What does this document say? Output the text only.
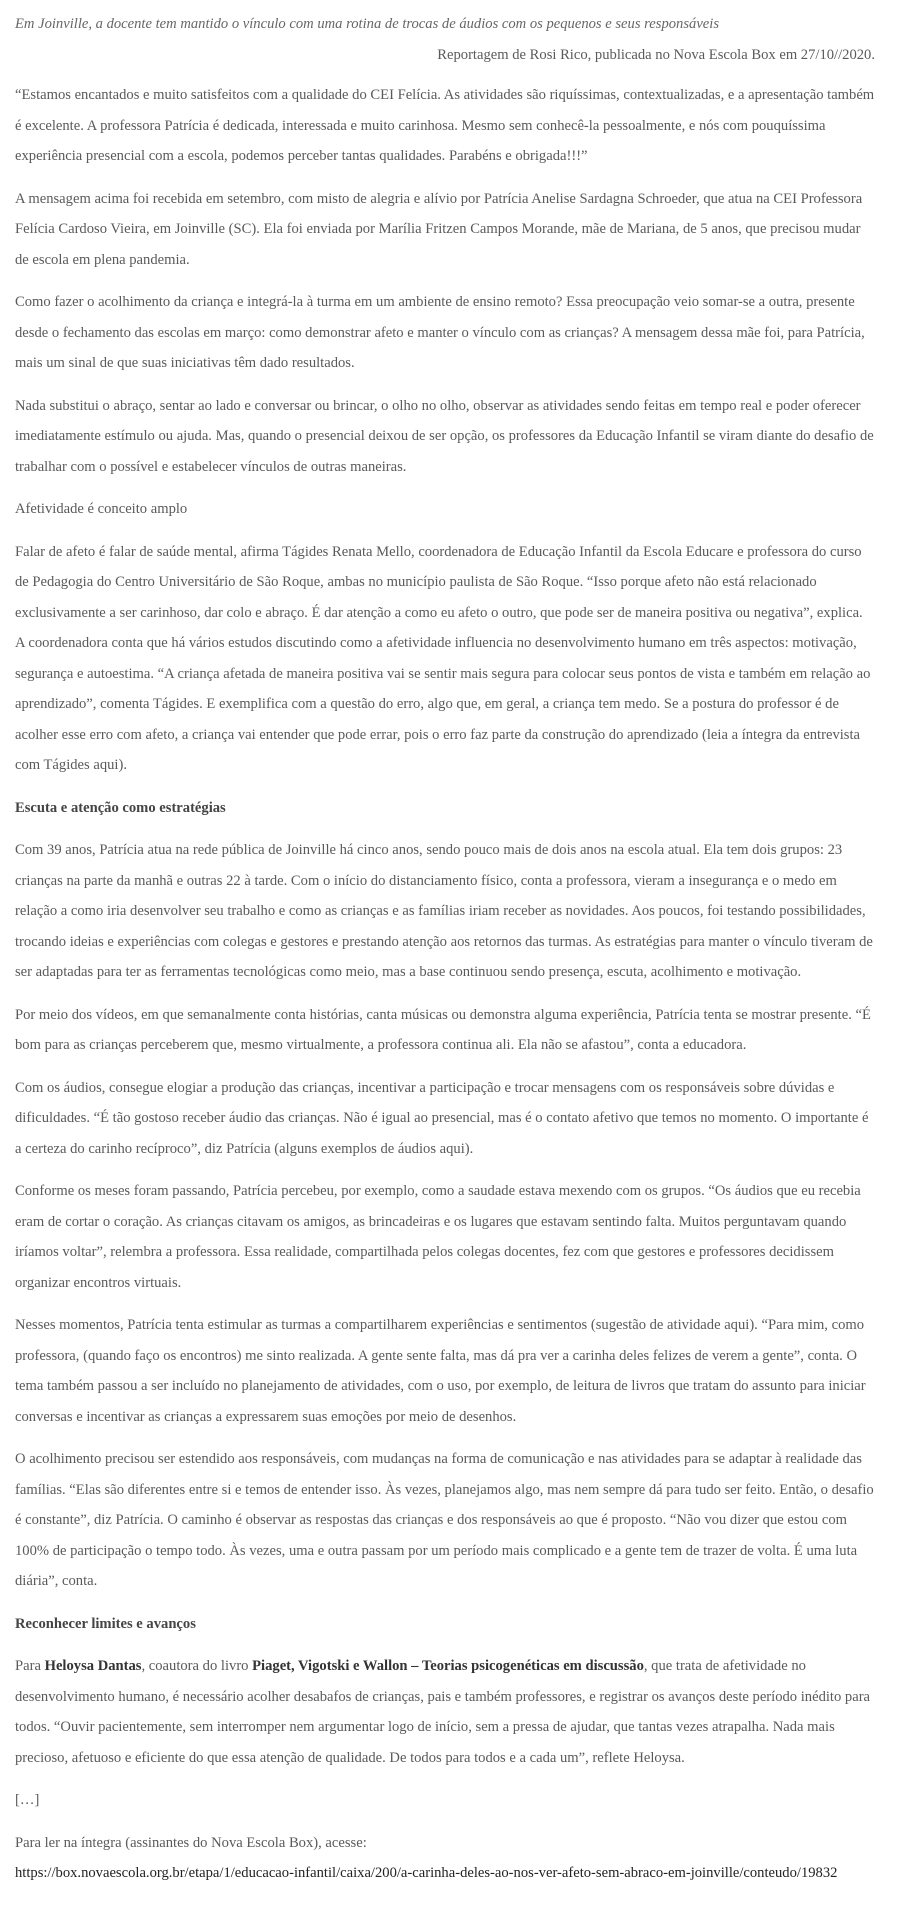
Em Joinville, a docente tem mantido o vínculo com uma rotina de trocas de áudios com os pequenos e seus responsáveis

Reportagem de Rosi Rico, publicada no Nova Escola Box em 27/10//2020.

“Estamos encantados e muito satisfeitos com a qualidade do CEI Felícia. As atividades são riquíssimas, contextualizadas, e a apresentação também é excelente. A professora Patrícia é dedicada, interessada e muito carinhosa. Mesmo sem conhecê-la pessoalmente, e nós com pouquíssima experiência presencial com a escola, podemos perceber tantas qualidades. Parabéns e obrigada!!!”

A mensagem acima foi recebida em setembro, com misto de alegria e alívio por Patrícia Anelise Sardagna Schroeder, que atua na CEI Professora Felícia Cardoso Vieira, em Joinville (SC). Ela foi enviada por Marília Fritzen Campos Morande, mãe de Mariana, de 5 anos, que precisou mudar de escola em plena pandemia.

Como fazer o acolhimento da criança e integrá-la à turma em um ambiente de ensino remoto? Essa preocupação veio somar-se a outra, presente desde o fechamento das escolas em março: como demonstrar afeto e manter o vínculo com as crianças? A mensagem dessa mãe foi, para Patrícia, mais um sinal de que suas iniciativas têm dado resultados.

Nada substitui o abraço, sentar ao lado e conversar ou brincar, o olho no olho, observar as atividades sendo feitas em tempo real e poder oferecer imediatamente estímulo ou ajuda. Mas, quando o presencial deixou de ser opção, os professores da Educação Infantil se viram diante do desafio de trabalhar com o possível e estabelecer vínculos de outras maneiras.

Afetividade é conceito amplo

Falar de afeto é falar de saúde mental, afirma Tágides Renata Mello, coordenadora de Educação Infantil da Escola Educare e professora do curso de Pedagogia do Centro Universitário de São Roque, ambas no município paulista de São Roque. “Isso porque afeto não está relacionado exclusivamente a ser carinhoso, dar colo e abraço. É dar atenção a como eu afeto o outro, que pode ser de maneira positiva ou negativa”, explica. A coordenadora conta que há vários estudos discutindo como a afetividade influencia no desenvolvimento humano em três aspectos: motivação, segurança e autoestima. “A criança afetada de maneira positiva vai se sentir mais segura para colocar seus pontos de vista e também em relação ao aprendizado”, comenta Tágides. E exemplifica com a questão do erro, algo que, em geral, a criança tem medo. Se a postura do professor é de acolher esse erro com afeto, a criança vai entender que pode errar, pois o erro faz parte da construção do aprendizado (leia a íntegra da entrevista com Tágides aqui).

Escuta e atenção como estratégias

Com 39 anos, Patrícia atua na rede pública de Joinville há cinco anos, sendo pouco mais de dois anos na escola atual. Ela tem dois grupos: 23 crianças na parte da manhã e outras 22 à tarde. Com o início do distanciamento físico, conta a professora, vieram a insegurança e o medo em relação a como iria desenvolver seu trabalho e como as crianças e as famílias iriam receber as novidades. Aos poucos, foi testando possibilidades, trocando ideias e experiências com colegas e gestores e prestando atenção aos retornos das turmas. As estratégias para manter o vínculo tiveram de ser adaptadas para ter as ferramentas tecnológicas como meio, mas a base continuou sendo presença, escuta, acolhimento e motivação.

Por meio dos vídeos, em que semanalmente conta histórias, canta músicas ou demonstra alguma experiência, Patrícia tenta se mostrar presente. “É bom para as crianças perceberem que, mesmo virtualmente, a professora continua ali. Ela não se afastou”, conta a educadora.

Com os áudios, consegue elogiar a produção das crianças, incentivar a participação e trocar mensagens com os responsáveis sobre dúvidas e dificuldades. “É tão gostoso receber áudio das crianças. Não é igual ao presencial, mas é o contato afetivo que temos no momento. O importante é a certeza do carinho recíproco”, diz Patrícia (alguns exemplos de áudios aqui).

Conforme os meses foram passando, Patrícia percebeu, por exemplo, como a saudade estava mexendo com os grupos. “Os áudios que eu recebia eram de cortar o coração. As crianças citavam os amigos, as brincadeiras e os lugares que estavam sentindo falta. Muitos perguntavam quando iríamos voltar”, relembra a professora. Essa realidade, compartilhada pelos colegas docentes, fez com que gestores e professores decidissem organizar encontros virtuais.

Nesses momentos, Patrícia tenta estimular as turmas a compartilharem experiências e sentimentos (sugestão de atividade aqui). “Para mim, como professora, (quando faço os encontros) me sinto realizada. A gente sente falta, mas dá pra ver a carinha deles felizes de verem a gente”, conta. O tema também passou a ser incluído no planejamento de atividades, com o uso, por exemplo, de leitura de livros que tratam do assunto para iniciar conversas e incentivar as crianças a expressarem suas emoções por meio de desenhos.

O acolhimento precisou ser estendido aos responsáveis, com mudanças na forma de comunicação e nas atividades para se adaptar à realidade das famílias. “Elas são diferentes entre si e temos de entender isso. Às vezes, planejamos algo, mas nem sempre dá para tudo ser feito. Então, o desafio é constante”, diz Patrícia. O caminho é observar as respostas das crianças e dos responsáveis ao que é proposto. “Não vou dizer que estou com 100% de participação o tempo todo. Às vezes, uma e outra passam por um período mais complicado e a gente tem de trazer de volta. É uma luta diária”, conta.

Reconhecer limites e avanços

Para Heloysa Dantas, coautora do livro Piaget, Vigotski e Wallon – Teorias psicogenéticas em discussão, que trata de afetividade no desenvolvimento humano, é necessário acolher desabafos de crianças, pais e também professores, e registrar os avanços deste período inédito para todos. “Ouvir pacientemente, sem interromper nem argumentar logo de início, sem a pressa de ajudar, que tantas vezes atrapalha. Nada mais precioso, afetuoso e eficiente do que essa atenção de qualidade. De todos para todos e a cada um”, reflete Heloysa.

[…]

Para ler na íntegra (assinantes do Nova Escola Box), acesse:

https://box.novaescola.org.br/etapa/1/educacao-infantil/caixa/200/a-carinha-deles-ao-nos-ver-afeto-sem-abraco-em-joinville/conteudo/19832
